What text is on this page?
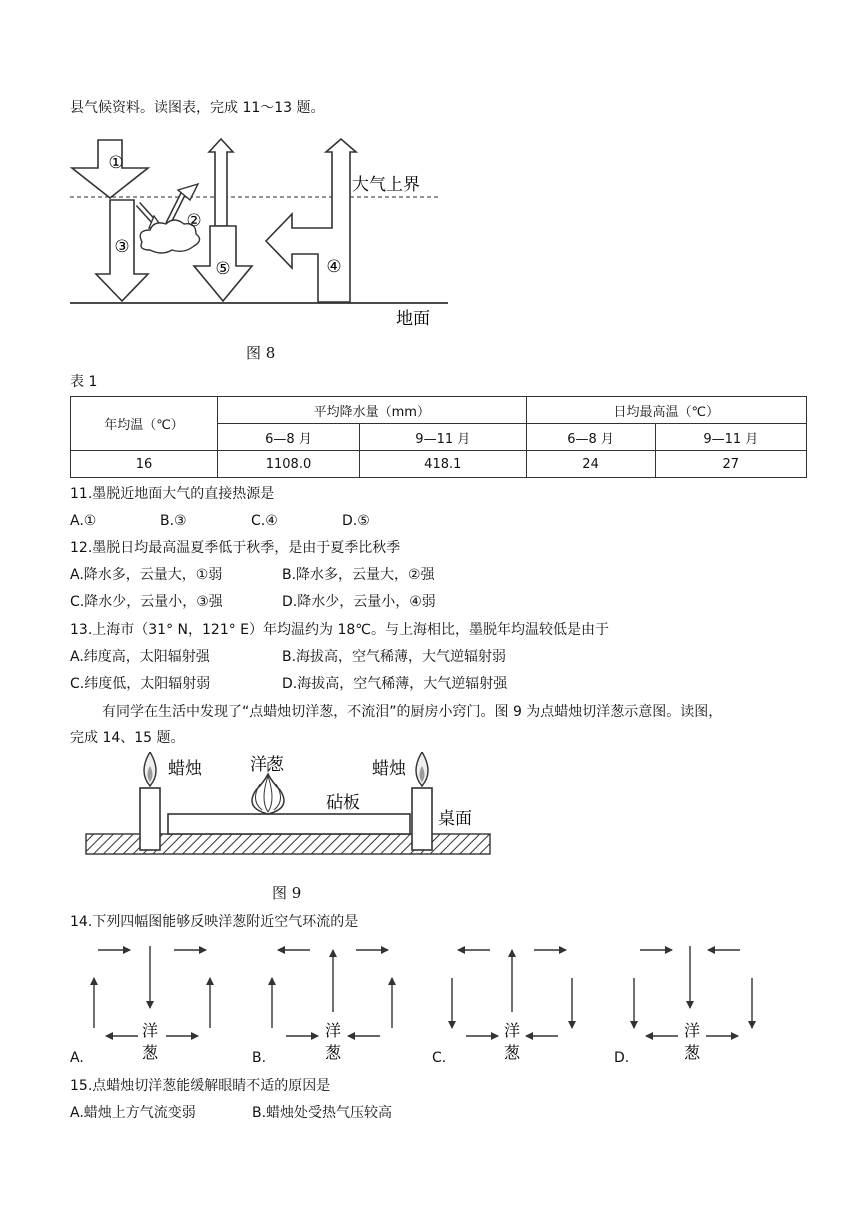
县气候资料。读图表，完成 11～13 题。
①
③
②
⑤	④
大气上界
地面
图 8
表 1
年均温（℃）	平均降水量（mm）		日均最高温（℃）	
	6—8 月	9—11 月	6—8 月	9—11 月
16	1108.0	418.1	24	27
11.墨脱近地面大气的直接热源是
A.①	B.③	C.④	D.⑤
12.墨脱日均最高温夏季低于秋季，是由于夏季比秋季
A.降水多，云量大，①弱	B.降水多，云量大，②强
C.降水少，云量小，③强	D.降水少，云量小，④弱
13.上海市（31° N，121° E）年均温约为 18℃。与上海相比，墨脱年均温较低是由于
A.纬度高，太阳辐射强	B.海拔高，空气稀薄，大气逆辐射弱
C.纬度低，太阳辐射弱	D.海拔高，空气稀薄，大气逆辐射强
有同学在生活中发现了“点蜡烛切洋葱，不流泪”的厨房小窍门。图 9 为点蜡烛切洋葱示意图。读图，
完成 14、15 题。
蜡烛	洋葱	蜡烛
砧板
桌面
图 9
14.下列四幅图能够反映洋葱附近空气环流的是
洋
葱
洋
葱
洋
葱
洋
葱
A.	B.	C.	D.
15.点蜡烛切洋葱能缓解眼睛不适的原因是
A.蜡烛上方气流变弱	B.蜡烛处受热气压较高
